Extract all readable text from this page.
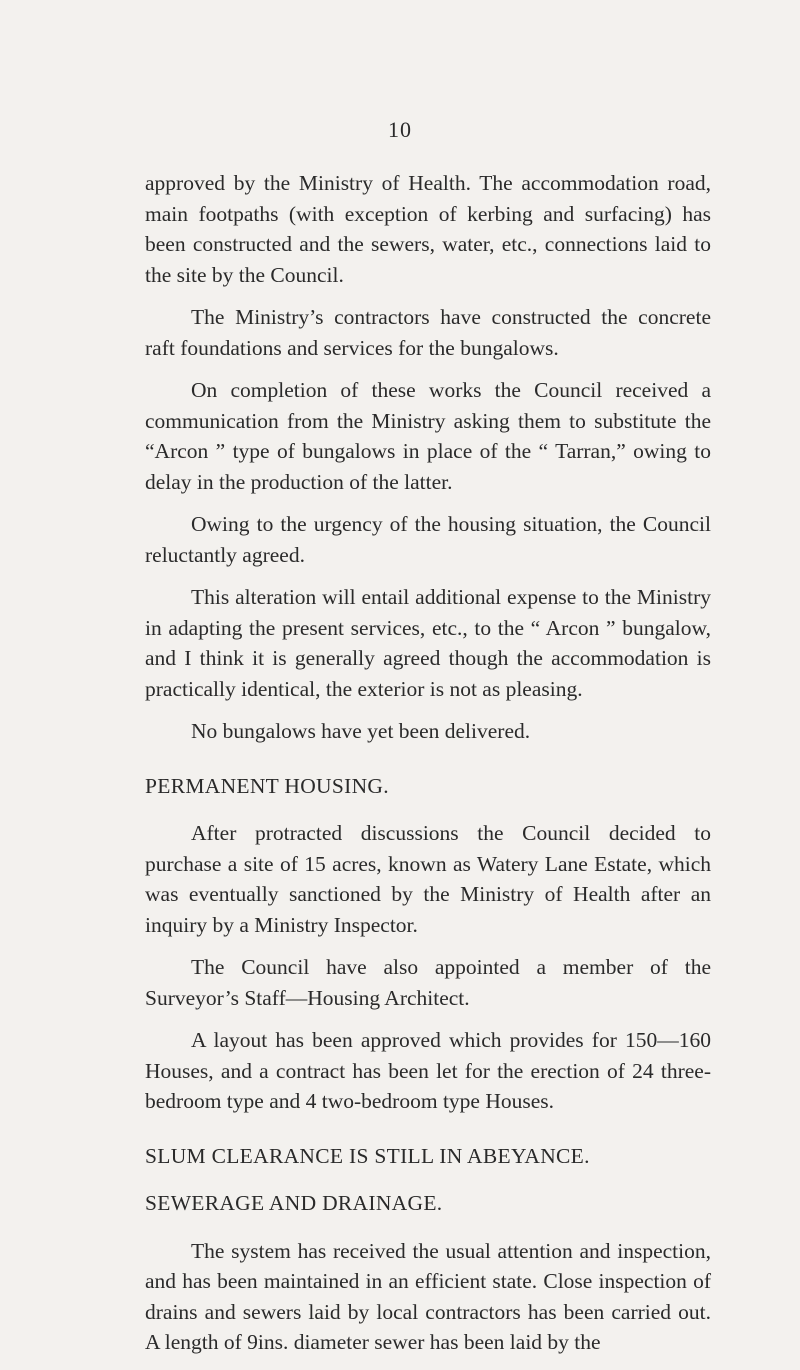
10

approved by the Ministry of Health. The accommodation road, main footpaths (with exception of kerbing and surfacing) has been constructed and the sewers, water, etc., connections laid to the site by the Council.

The Ministry’s contractors have constructed the concrete raft foundations and services for the bungalows.

On completion of these works the Council received a communication from the Ministry asking them to substitute the “Arcon ” type of bungalows in place of the “ Tarran,” owing to delay in the production of the latter.

Owing to the urgency of the housing situation, the Council reluctantly agreed.

This alteration will entail additional expense to the Ministry in adapting the present services, etc., to the “ Arcon ” bungalow, and I think it is generally agreed though the accommodation is practically identical, the exterior is not as pleasing.

No bungalows have yet been delivered.

PERMANENT HOUSING.

After protracted discussions the Council decided to purchase a site of 15 acres, known as Watery Lane Estate, which was eventually sanctioned by the Ministry of Health after an inquiry by a Ministry Inspector.

The Council have also appointed a member of the Surveyor’s Staff—Housing Architect.

A layout has been approved which provides for 150—160 Houses, and a contract has been let for the erection of 24 three-bedroom type and 4 two-bedroom type Houses.

SLUM CLEARANCE IS STILL IN ABEYANCE.
SEWERAGE AND DRAINAGE.

The system has received the usual attention and inspection, and has been maintained in an efficient state. Close inspection of drains and sewers laid by local contractors has been carried out. A length of 9ins. diameter sewer has been laid by the
